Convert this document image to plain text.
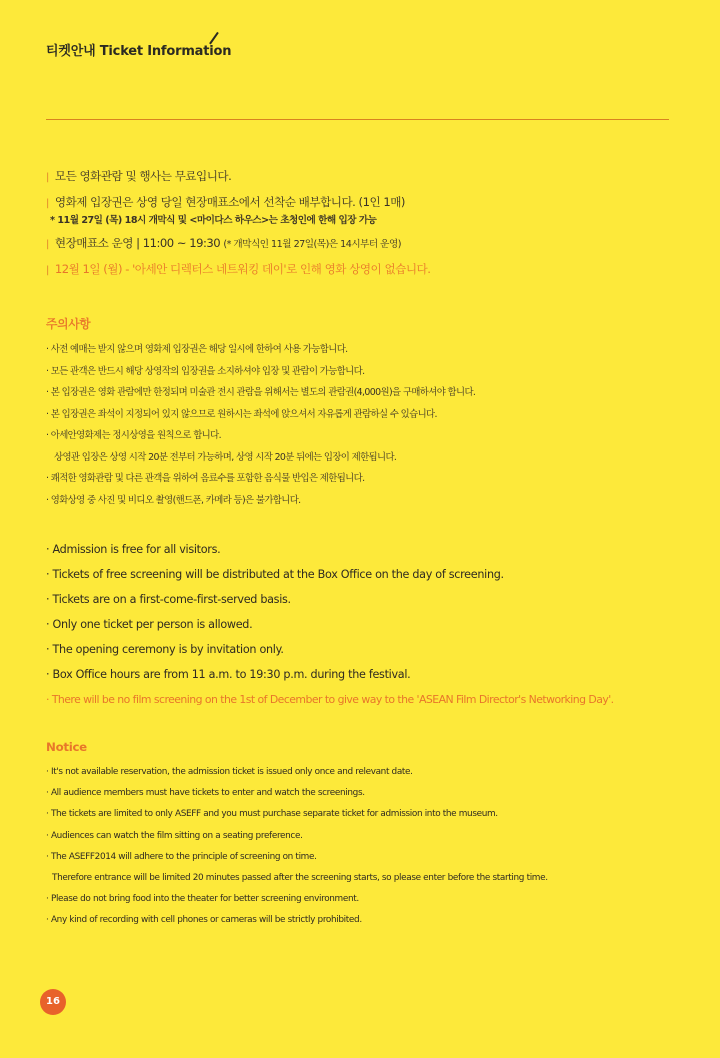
티켓안내 Ticket Information
| 모든 영화관람 및 행사는 무료입니다.
| 영화제 입장권은 상영 당일 현장매표소에서 선착순 배부합니다. (1인 1매)
* 11월 27일 (목) 18시 개막식 및 <마이다스 하우스>는 초청인에 한해 입장 가능
| 현장매표소 운영 | 11:00 ~ 19:30 (* 개막식인 11월 27일(목)은 14시부터 운영)
| 12월 1일 (월) - '아세안 디렉터스 네트워킹 데이'로 인해 영화 상영이 없습니다.
주의사항
· 사전 예매는 받지 않으며 영화제 입장권은 해당 일시에 한하여 사용 가능합니다.
· 모든 관객은 반드시 해당 상영작의 입장권을 소지하셔야 입장 및 관람이 가능합니다.
· 본 입장권은 영화 관람에만 한정되며 미술관 전시 관람을 위해서는 별도의 관람권(4,000원)을 구매하셔야 합니다.
· 본 입장권은 좌석이 지정되어 있지 않으므로 원하시는 좌석에 앉으셔서 자유롭게 관람하실 수 있습니다.
· 아세안영화제는 정시상영을 원칙으로 합니다.
상영관 입장은 상영 시작 20분 전부터 가능하며, 상영 시작 20분 뒤에는 입장이 제한됩니다.
· 쾌적한 영화관람 및 다른 관객을 위하여 음료수를 포함한 음식물 반입은 제한됩니다.
· 영화상영 중 사진 및 비디오 촬영(핸드폰, 카메라 등)은 불가합니다.
· Admission is free for all visitors.
· Tickets of free screening will be distributed at the Box Office on the day of screening.
· Tickets are on a first-come-first-served basis.
· Only one ticket per person is allowed.
· The opening ceremony is by invitation only.
· Box Office hours are from 11 a.m. to 19:30 p.m. during the festival.
· There will be no film screening on the 1st of December to give way to the 'ASEAN Film Director's Networking Day'.
Notice
· It's not available reservation, the admission ticket is issued only once and relevant date.
· All audience members must have tickets to enter and watch the screenings.
· The tickets are limited to only ASEFF and you must purchase separate ticket for admission into the museum.
· Audiences can watch the film sitting on a seating preference.
· The ASEFF2014 will adhere to the principle of screening on time.
Therefore entrance will be limited 20 minutes passed after the screening starts, so please enter before the starting time.
· Please do not bring food into the theater for better screening environment.
· Any kind of recording with cell phones or cameras will be strictly prohibited.
16
